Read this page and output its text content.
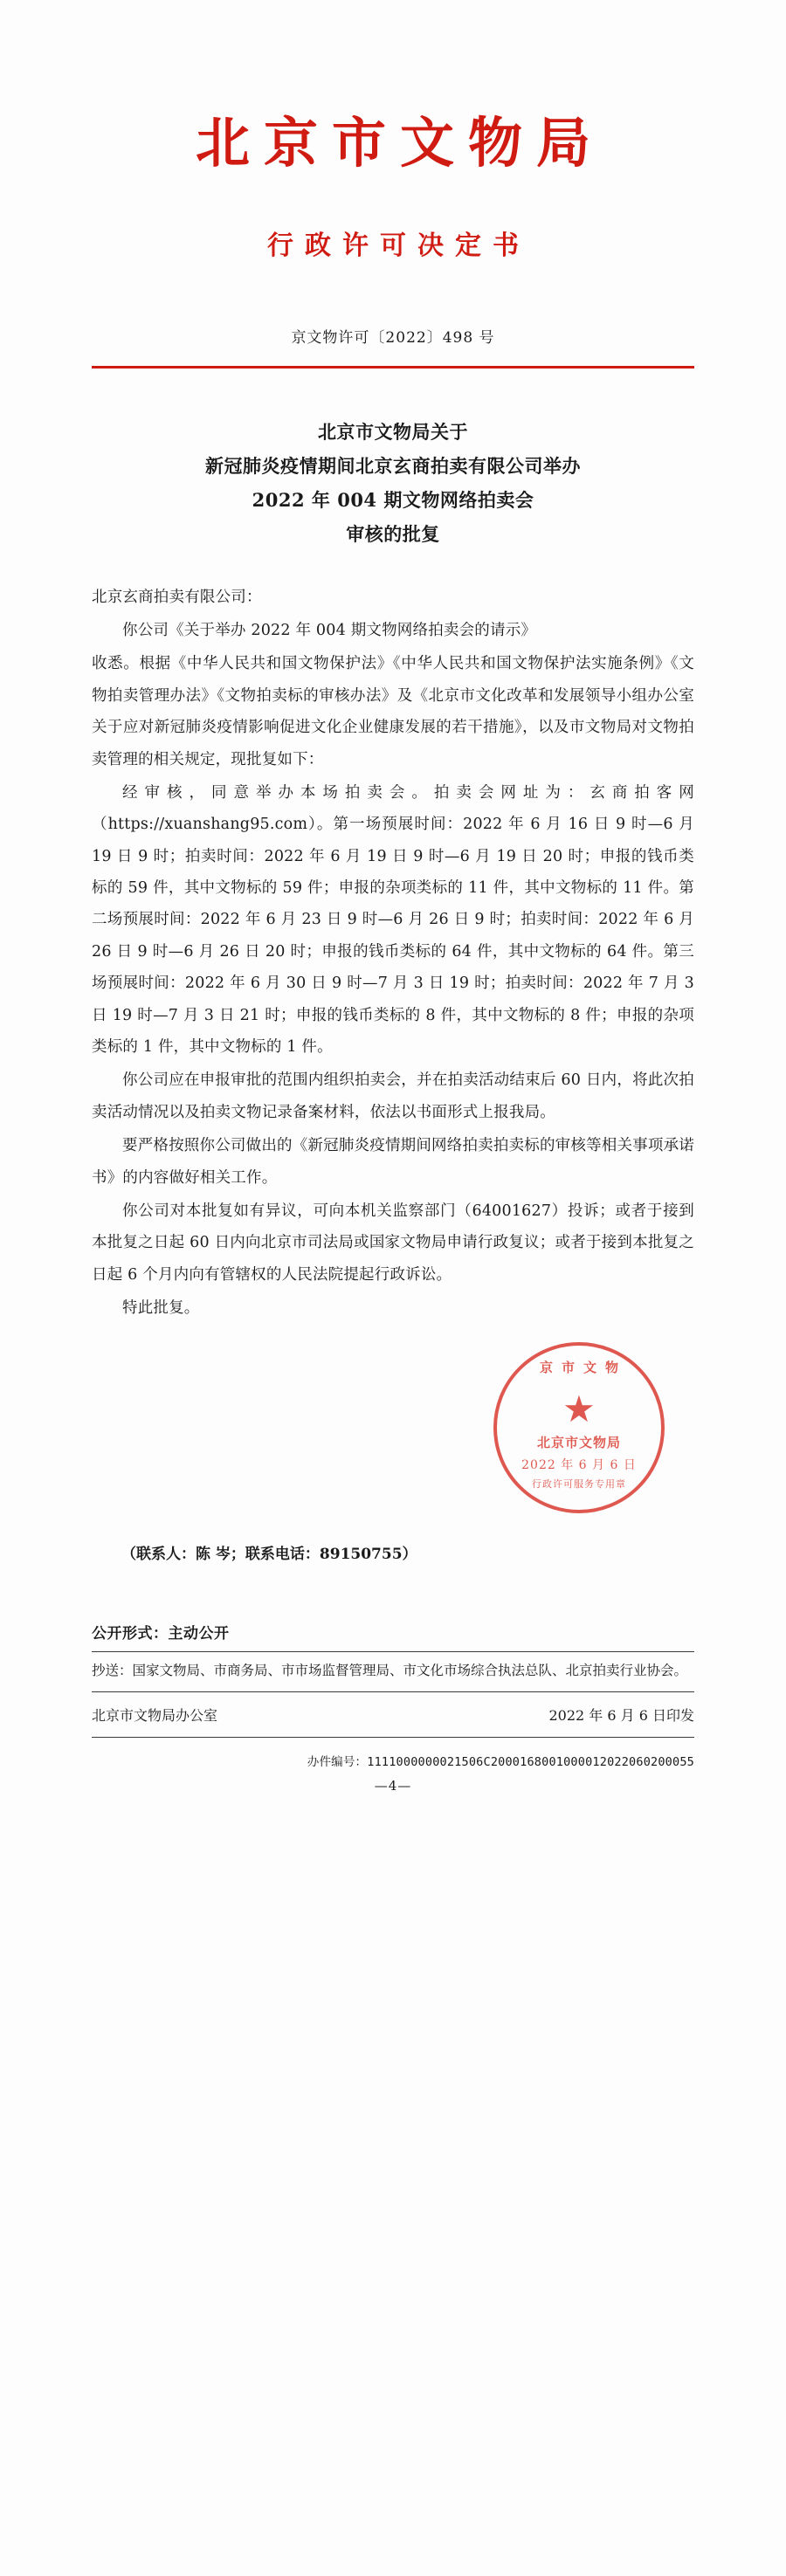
北京市文物局
行政许可决定书
京文物许可〔2022〕498 号
北京市文物局关于
新冠肺炎疫情期间北京玄商拍卖有限公司举办
2022 年 004 期文物网络拍卖会
审核的批复

北京玄商拍卖有限公司：

你公司《关于举办 2022 年 004 期文物网络拍卖会的请示》

收悉。根据《中华人民共和国文物保护法》《中华人民共和国文物保护法实施条例》《文物拍卖管理办法》《文物拍卖标的审核办法》及《北京市文化改革和发展领导小组办公室关于应对新冠肺炎疫情影响促进文化企业健康发展的若干措施》，以及市文物局对文物拍卖管理的相关规定，现批复如下：

经审核，同意举办本场拍卖会。拍卖会网址为：玄商拍客网（https://xuanshang95.com）。第一场预展时间：2022 年 6 月 16 日 9 时—6 月 19 日 9 时；拍卖时间：2022 年 6 月 19 日 9 时—6 月 19 日 20 时；申报的钱币类标的 59 件，其中文物标的 59 件；申报的杂项类标的 11 件，其中文物标的 11 件。第二场预展时间：2022 年 6 月 23 日 9 时—6 月 26 日 9 时；拍卖时间：2022 年 6 月 26 日 9 时—6 月 26 日 20 时；申报的钱币类标的 64 件，其中文物标的 64 件。第三场预展时间：2022 年 6 月 30 日 9 时—7 月 3 日 19 时；拍卖时间：2022 年 7 月 3 日 19 时—7 月 3 日 21 时；申报的钱币类标的 8 件，其中文物标的 8 件；申报的杂项类标的 1 件，其中文物标的 1 件。

你公司应在申报审批的范围内组织拍卖会，并在拍卖活动结束后 60 日内，将此次拍卖活动情况以及拍卖文物记录备案材料，依法以书面形式上报我局。

要严格按照你公司做出的《新冠肺炎疫情期间网络拍卖拍卖标的审核等相关事项承诺书》的内容做好相关工作。

你公司对本批复如有异议，可向本机关监察部门（64001627）投诉；或者于接到本批复之日起 60 日内向北京市司法局或国家文物局申请行政复议；或者于接到本批复之日起 6 个月内向有管辖权的人民法院提起行政诉讼。

特此批复。

京市文物
★
北京市文物局
2022 年 6 月 6 日
行政许可服务专用章
（联系人：陈 岑；联系电话：89150755）
公开形式：主动公开
抄送：国家文物局、市商务局、市市场监督管理局、市文化市场综合执法总队、北京拍卖行业协会。
北京市文物局办公室	2022 年 6 月 6 日印发
办件编号：1111000000021506C2000168001000012022060200055
—4—
